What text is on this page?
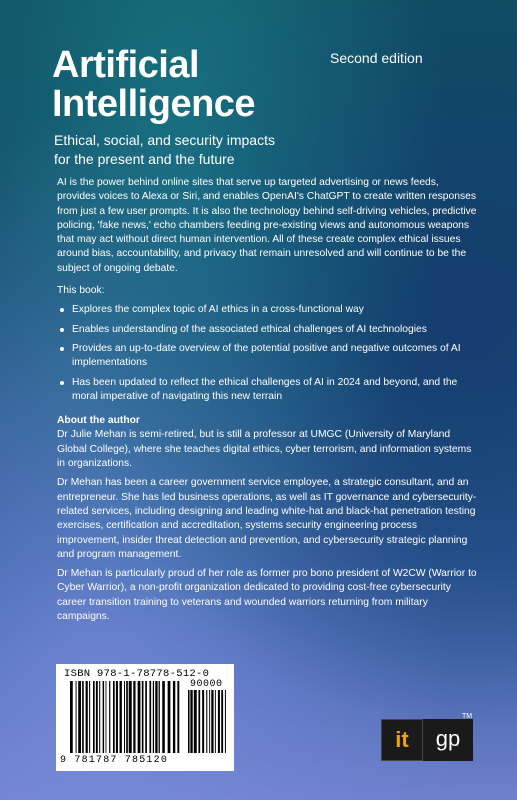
Artificial
Intelligence
Second edition
Ethical, social, and security impacts
for the present and the future

AI is the power behind online sites that serve up targeted advertising or news feeds, provides voices to Alexa or Siri, and enables OpenAI's ChatGPT to create written responses from just a few user prompts. It is also the technology behind self-driving vehicles, predictive policing, 'fake news,' echo chambers feeding pre-existing views and autonomous weapons that may act without direct human intervention. All of these create complex ethical issues around bias, accountability, and privacy that remain unresolved and will continue to be the subject of ongoing debate.

This book:

Explores the complex topic of AI ethics in a cross-functional way
Enables understanding of the associated ethical challenges of AI technologies
Provides an up-to-date overview of the potential positive and negative outcomes of AI implementations
Has been updated to reflect the ethical challenges of AI in 2024 and beyond, and the moral imperative of navigating this new terrain

About the author

Dr Julie Mehan is semi-retired, but is still a professor at UMGC (University of Maryland Global College), where she teaches digital ethics, cyber terrorism, and information systems in organizations.

Dr Mehan has been a career government service employee, a strategic consultant, and an entrepreneur. She has led business operations, as well as IT governance and cybersecurity-related services, including designing and leading white-hat and black-hat penetration testing exercises, certification and accreditation, systems security engineering process improvement, insider threat detection and prevention, and cybersecurity strategic planning and program management.

Dr Mehan is particularly proud of her role as former pro bono president of W2CW (Warrior to Cyber Warrior), a non-profit organization dedicated to providing cost-free cybersecurity career transition training to veterans and wounded warriors returning from military campaigns.

ISBN 978-1-78778-512-0
90000
9 781787 785120
it	gp
TM
